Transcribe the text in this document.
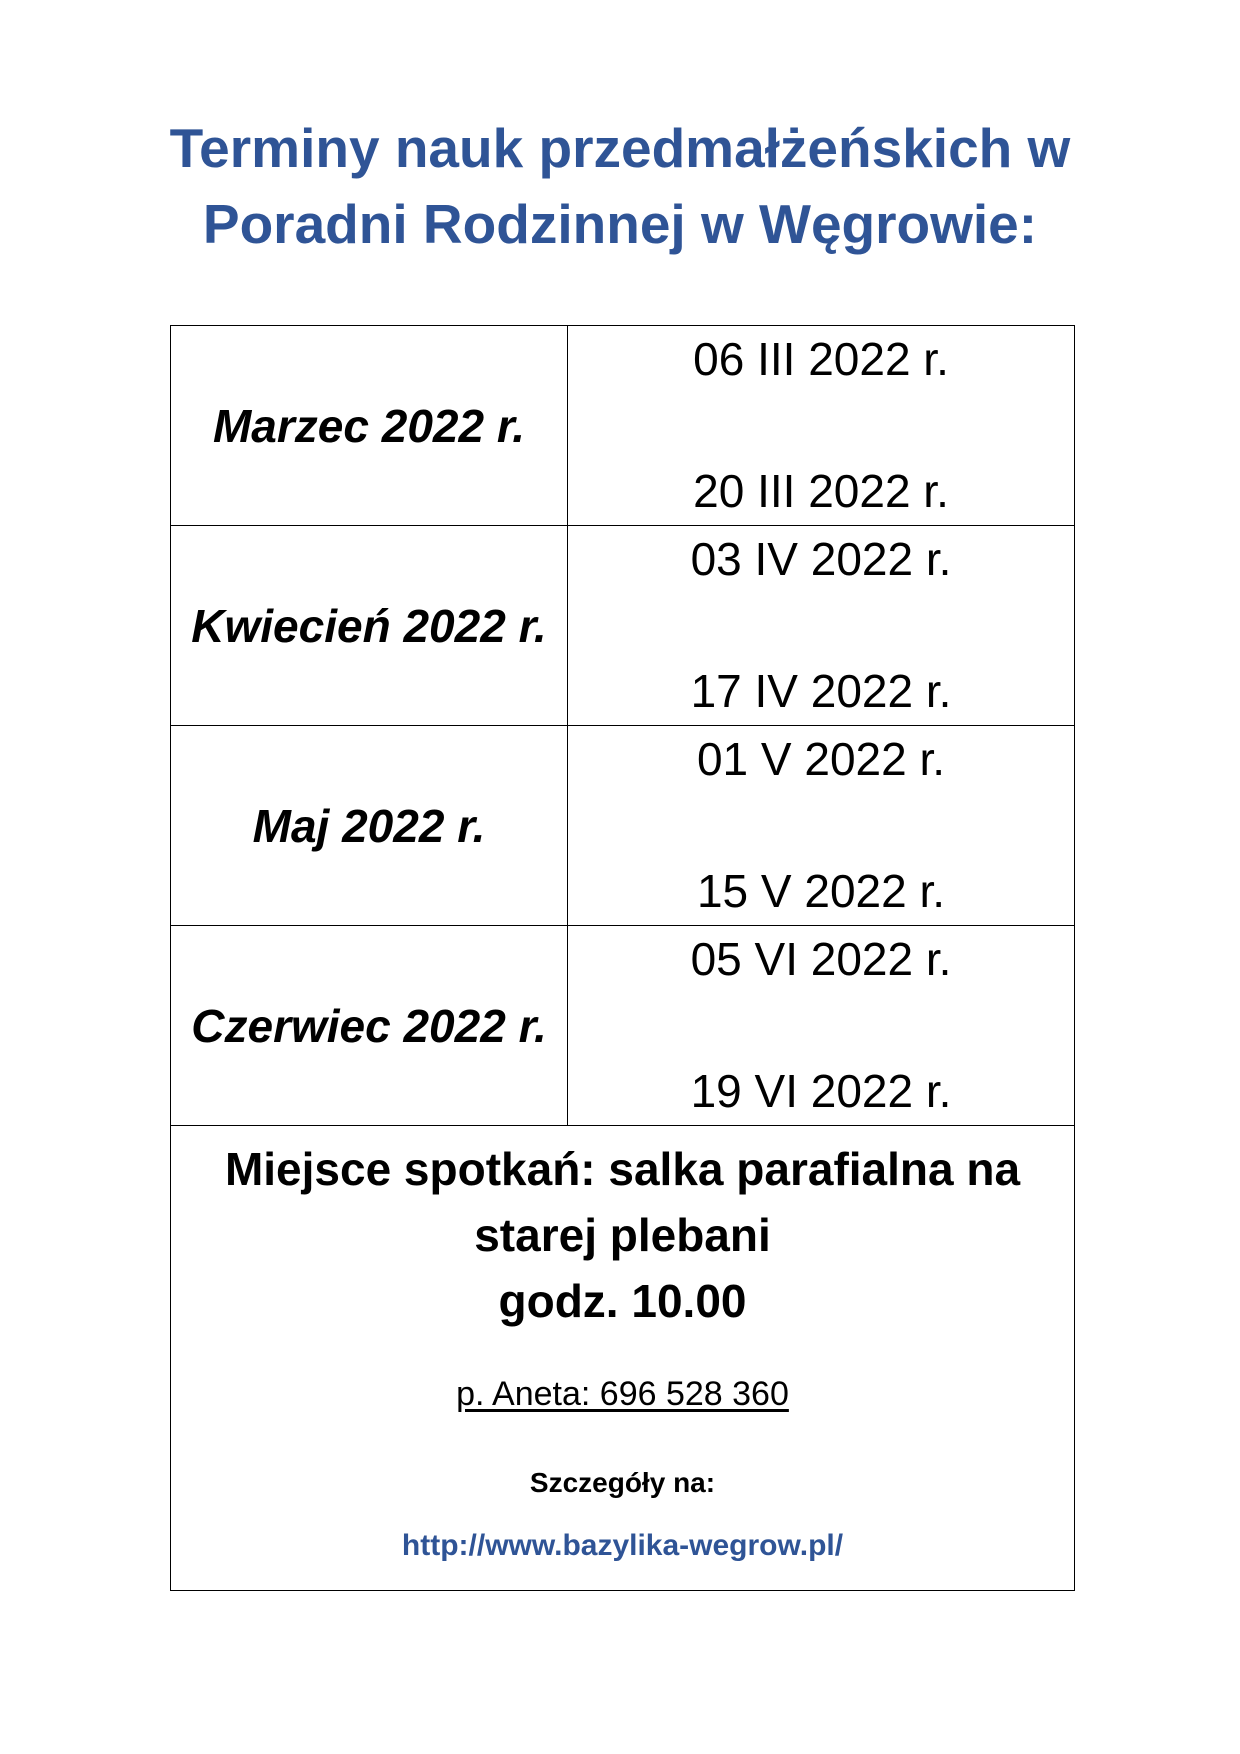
Terminy nauk przedmałżeńskich w
Poradni Rodzinnej w Węgrowie:
Marzec 2022 r.
06 III 2022 r.
20 III 2022 r.
Kwiecień 2022 r.
03 IV 2022 r.
17 IV 2022 r.
Maj 2022 r.
01 V 2022 r.
15 V 2022 r.
Czerwiec 2022 r.
05 VI 2022 r.
19 VI 2022 r.
Miejsce spotkań: salka parafialna na
starej plebani
godz. 10.00
p. Aneta: 696 528 360
Szczegóły na:
http://www.bazylika-wegrow.pl/
